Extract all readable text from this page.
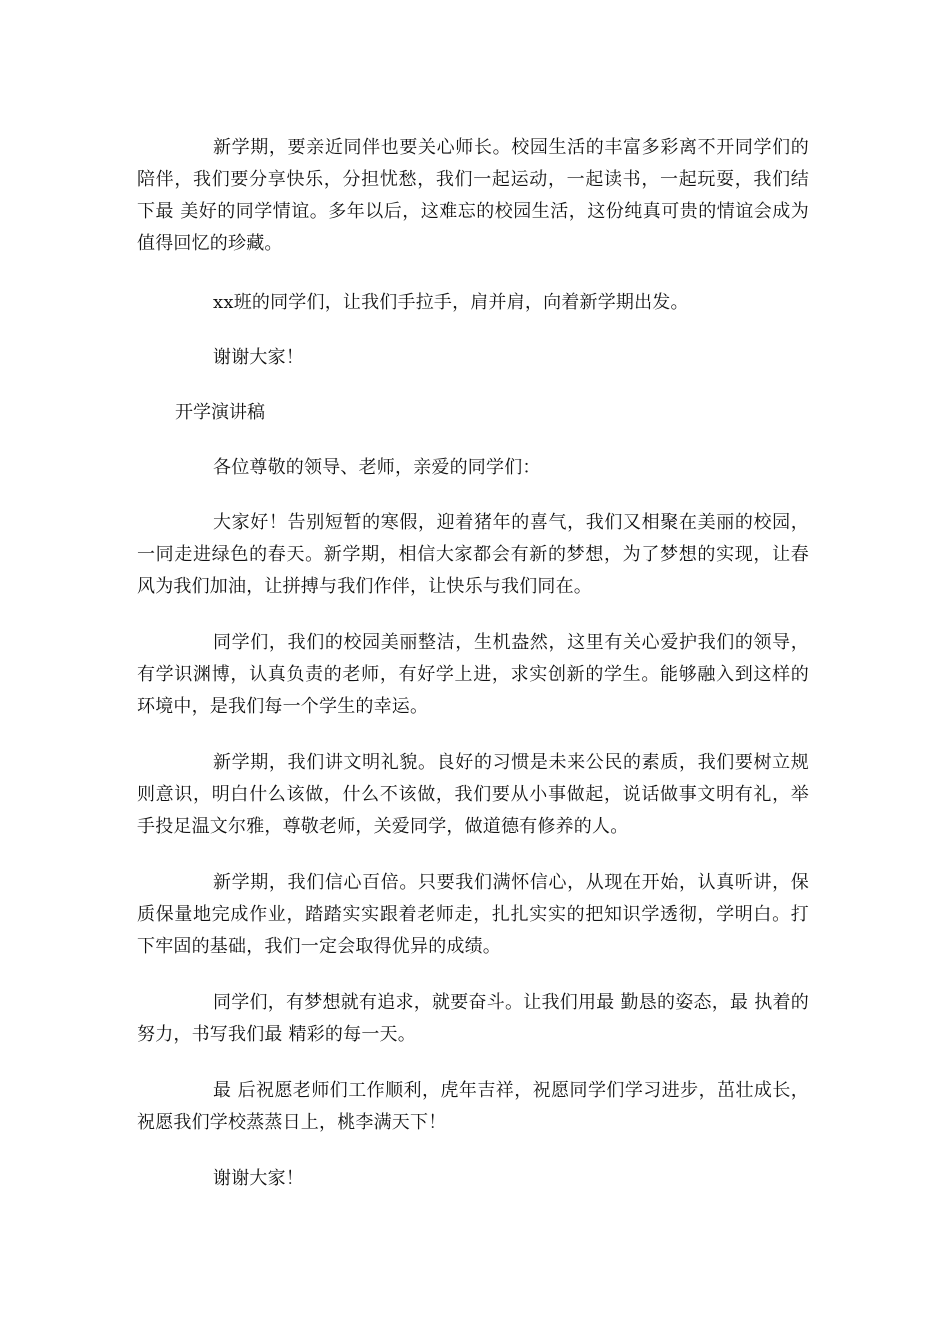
新学期，要亲近同伴也要关心师长。校园生活的丰富多彩离不开同学们的陪伴，我们要分享快乐，分担忧愁，我们一起运动，一起读书，一起玩耍，我们结下最 美好的同学情谊。多年以后，这难忘的校园生活，这份纯真可贵的情谊会成为值得回忆的珍藏。

xx班的同学们，让我们手拉手，肩并肩，向着新学期出发。

谢谢大家！

开学演讲稿

各位尊敬的领导、老师，亲爱的同学们：

大家好！告别短暂的寒假，迎着猪年的喜气，我们又相聚在美丽的校园，一同走进绿色的春天。新学期，相信大家都会有新的梦想，为了梦想的实现，让春风为我们加油，让拼搏与我们作伴，让快乐与我们同在。

同学们，我们的校园美丽整洁，生机盎然，这里有关心爱护我们的领导，有学识渊博，认真负责的老师，有好学上进，求实创新的学生。能够融入到这样的环境中，是我们每一个学生的幸运。

新学期，我们讲文明礼貌。良好的习惯是未来公民的素质，我们要树立规则意识，明白什么该做，什么不该做，我们要从小事做起，说话做事文明有礼，举手投足温文尔雅，尊敬老师，关爱同学，做道德有修养的人。

新学期，我们信心百倍。只要我们满怀信心，从现在开始，认真听讲，保质保量地完成作业，踏踏实实跟着老师走，扎扎实实的把知识学透彻，学明白。打下牢固的基础，我们一定会取得优异的成绩。

同学们，有梦想就有追求，就要奋斗。让我们用最 勤恳的姿态，最 执着的努力，书写我们最 精彩的每一天。

最 后祝愿老师们工作顺利，虎年吉祥，祝愿同学们学习进步，茁壮成长，祝愿我们学校蒸蒸日上，桃李满天下！

谢谢大家！
